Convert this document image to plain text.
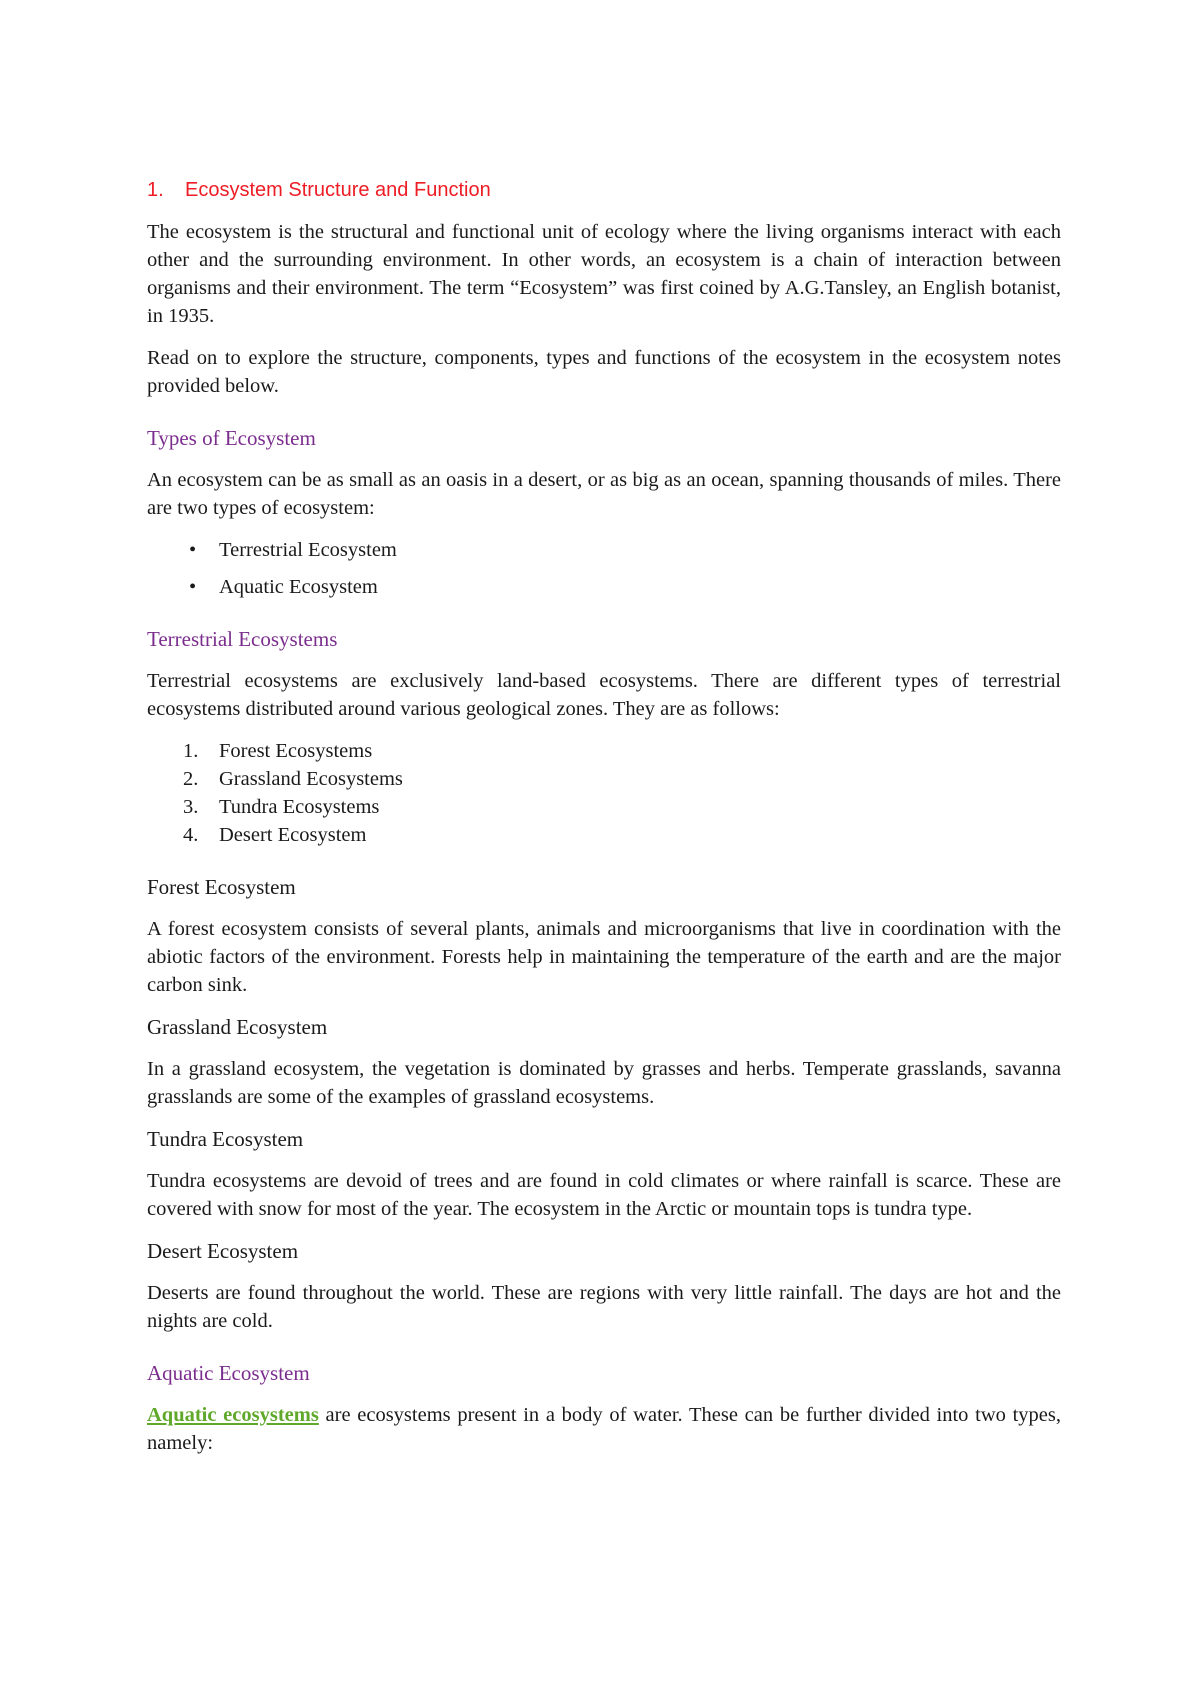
1. Ecosystem Structure and Function

The ecosystem is the structural and functional unit of ecology where the living organisms interact with each other and the surrounding environment. In other words, an ecosystem is a chain of interaction between organisms and their environment. The term “Ecosystem” was first coined by A.G.Tansley, an English botanist, in 1935.

Read on to explore the structure, components, types and functions of the ecosystem in the ecosystem notes provided below.

Types of Ecosystem

An ecosystem can be as small as an oasis in a desert, or as big as an ocean, spanning thousands of miles. There are two types of ecosystem:

• Terrestrial Ecosystem
• Aquatic Ecosystem
Terrestrial Ecosystems

Terrestrial ecosystems are exclusively land-based ecosystems. There are different types of terrestrial ecosystems distributed around various geological zones. They are as follows:

1. Forest Ecosystems
2. Grassland Ecosystems
3. Tundra Ecosystems
4. Desert Ecosystem
Forest Ecosystem

A forest ecosystem consists of several plants, animals and microorganisms that live in coordination with the abiotic factors of the environment. Forests help in maintaining the temperature of the earth and are the major carbon sink.

Grassland Ecosystem

In a grassland ecosystem, the vegetation is dominated by grasses and herbs. Temperate grasslands, savanna grasslands are some of the examples of grassland ecosystems.

Tundra Ecosystem

Tundra ecosystems are devoid of trees and are found in cold climates or where rainfall is scarce. These are covered with snow for most of the year. The ecosystem in the Arctic or mountain tops is tundra type.

Desert Ecosystem

Deserts are found throughout the world. These are regions with very little rainfall. The days are hot and the nights are cold.

Aquatic Ecosystem

Aquatic ecosystems are ecosystems present in a body of water. These can be further divided into two types, namely:
